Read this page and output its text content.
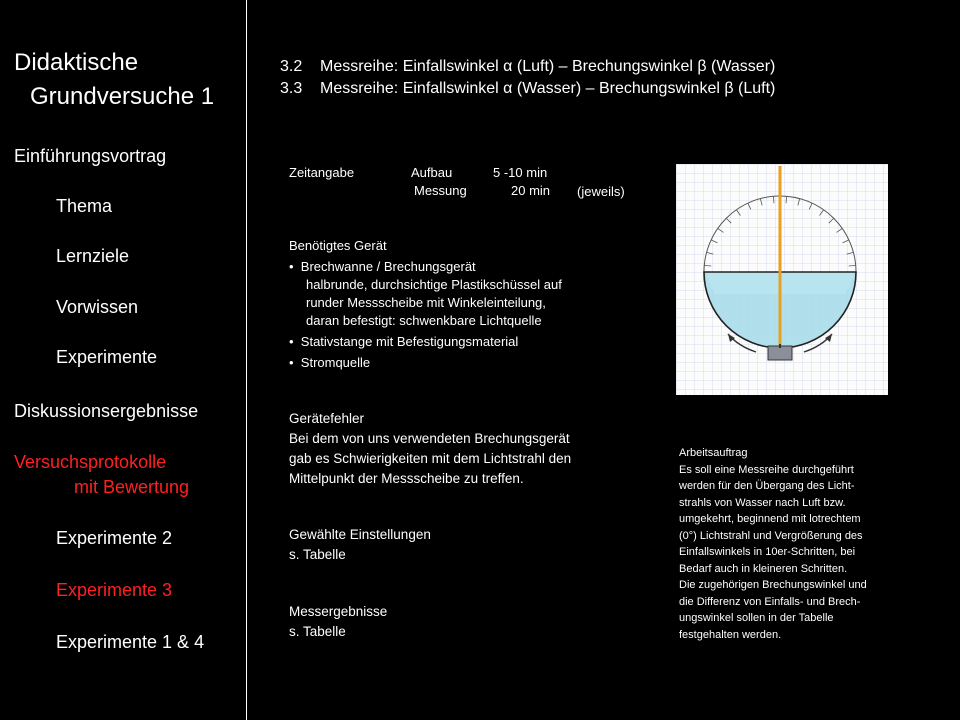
Didaktische
Grundversuche 1
Einführungsvortrag
Thema
Lernziele
Vorwissen
Experimente
Diskussionsergebnisse
Versuchsprotokolle
mit Bewertung
Experimente 2
Experimente 3
Experimente 1 & 4
3.2 Messreihe: Einfallswinkel α (Luft) – Brechungswinkel β (Wasser)
3.3 Messreihe: Einfallswinkel α (Wasser) – Brechungswinkel β (Luft)
Zeitangabe	Aufbau	5 -10 min
Messung	20 min (jeweils)
Benötigtes Gerät
•  Brechwanne / Brechungsgerät
halbrunde, durchsichtige Plastikschüssel auf
runder Messscheibe mit Winkeleinteilung,
daran befestigt: schwenkbare Lichtquelle
•  Stativstange mit Befestigungsmaterial
•  Stromquelle
Gerätefehler
Bei dem von uns verwendeten Brechungsgerät
gab es Schwierigkeiten mit dem Lichtstrahl den
Mittelpunkt der Messscheibe zu treffen.
Gewählte Einstellungen
s. Tabelle
Messergebnisse
s. Tabelle
Arbeitsauftrag
Es soll eine Messreihe durchgeführt
werden für den Übergang des Licht-
strahls von Wasser nach Luft bzw.
umgekehrt, beginnend mit lotrechtem
(0°) Lichtstrahl und Vergrößerung des
Einfallswinkels in 10er-Schritten, bei
Bedarf auch in kleineren Schritten.
Die zugehörigen Brechungswinkel und
die Differenz von Einfalls- und Brech-
ungswinkel sollen in der Tabelle
festgehalten werden.
